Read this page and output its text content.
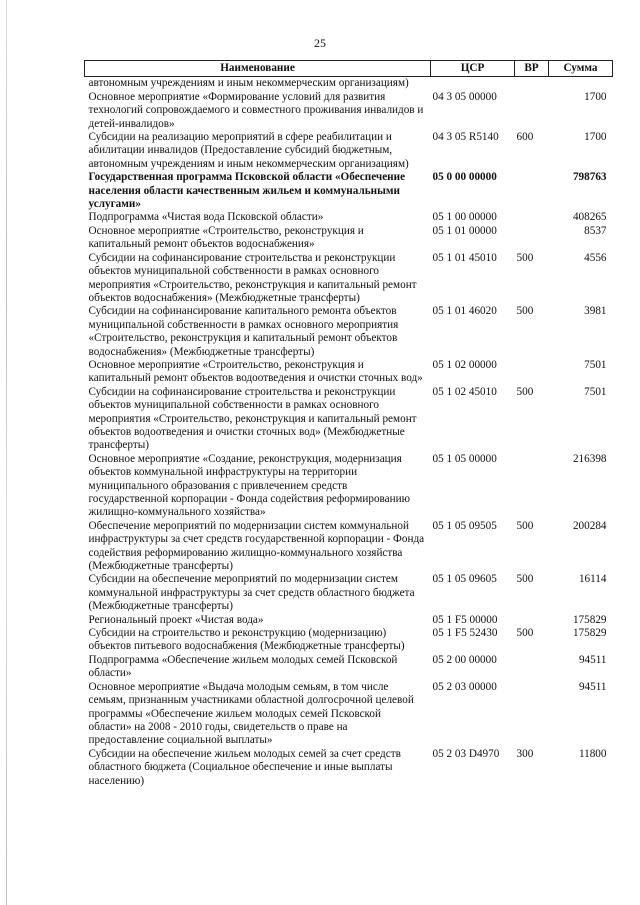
25
Наименование	ЦСР	ВР	Сумма
автономным учреждениям и иным некоммерческим организациям)			
Основное мероприятие «Формирование условий для развития технологий сопровождаемого и совместного проживания инвалидов и детей-инвалидов»	04 3 05 00000		1700
Субсидии на реализацию мероприятий в сфере реабилитации и абилитации инвалидов (Предоставление субсидий бюджетным, автономным учреждениям и иным некоммерческим организациям)	04 3 05 R5140	600	1700
Государственная программа Псковской области «Обеспечение населения области качественным жильем и коммунальными услугами»	05 0 00 00000		798763
Подпрограмма «Чистая вода Псковской области»	05 1 00 00000		408265
Основное мероприятие «Строительство, реконструкция и капитальный ремонт объектов водоснабжения»	05 1 01 00000		8537
Субсидии на софинансирование строительства и реконструкции объектов муниципальной собственности в рамках основного мероприятия «Строительство, реконструкция и капитальный ремонт объектов водоснабжения» (Межбюджетные трансферты)	05 1 01 45010	500	4556
Субсидии на софинансирование капитального ремонта объектов муниципальной собственности в рамках основного мероприятия «Строительство, реконструкция и капитальный ремонт объектов водоснабжения» (Межбюджетные трансферты)	05 1 01 46020	500	3981
Основное мероприятие «Строительство, реконструкция и капитальный ремонт объектов водоотведения и очистки сточных вод»	05 1 02 00000		7501
Субсидии на софинансирование строительства и реконструкции объектов муниципальной собственности в рамках основного мероприятия «Строительство, реконструкция и капитальный ремонт объектов водоотведения и очистки сточных вод» (Межбюджетные трансферты)	05 1 02 45010	500	7501
Основное мероприятие «Создание, реконструкция, модернизация объектов коммунальной инфраструктуры на территории муниципального образования с привлечением средств государственной корпорации - Фонда содействия реформированию жилищно-коммунального хозяйства»	05 1 05 00000		216398
Обеспечение мероприятий по модернизации систем коммунальной инфраструктуры за счет средств государственной корпорации - Фонда содействия реформированию жилищно-коммунального хозяйства (Межбюджетные трансферты)	05 1 05 09505	500	200284
Субсидии на обеспечение мероприятий по модернизации систем коммунальной инфраструктуры за счет средств областного бюджета (Межбюджетные трансферты)	05 1 05 09605	500	16114
Региональный проект «Чистая вода»	05 1 F5 00000		175829
Субсидии на строительство и реконструкцию (модернизацию) объектов питьевого водоснабжения (Межбюджетные трансферты)	05 1 F5 52430	500	175829
Подпрограмма «Обеспечение жильем молодых семей Псковской области»	05 2 00 00000		94511
Основное мероприятие «Выдача молодым семьям, в том числе семьям, признанным участниками областной долгосрочной целевой программы «Обеспечение жильем молодых семей Псковской области» на 2008 - 2010 годы, свидетельств о праве на предоставление социальной выплаты»	05 2 03 00000		94511
Субсидии на обеспечение жильем молодых семей за счет средств областного бюджета (Социальное обеспечение и иные выплаты населению)	05 2 03 D4970	300	11800
